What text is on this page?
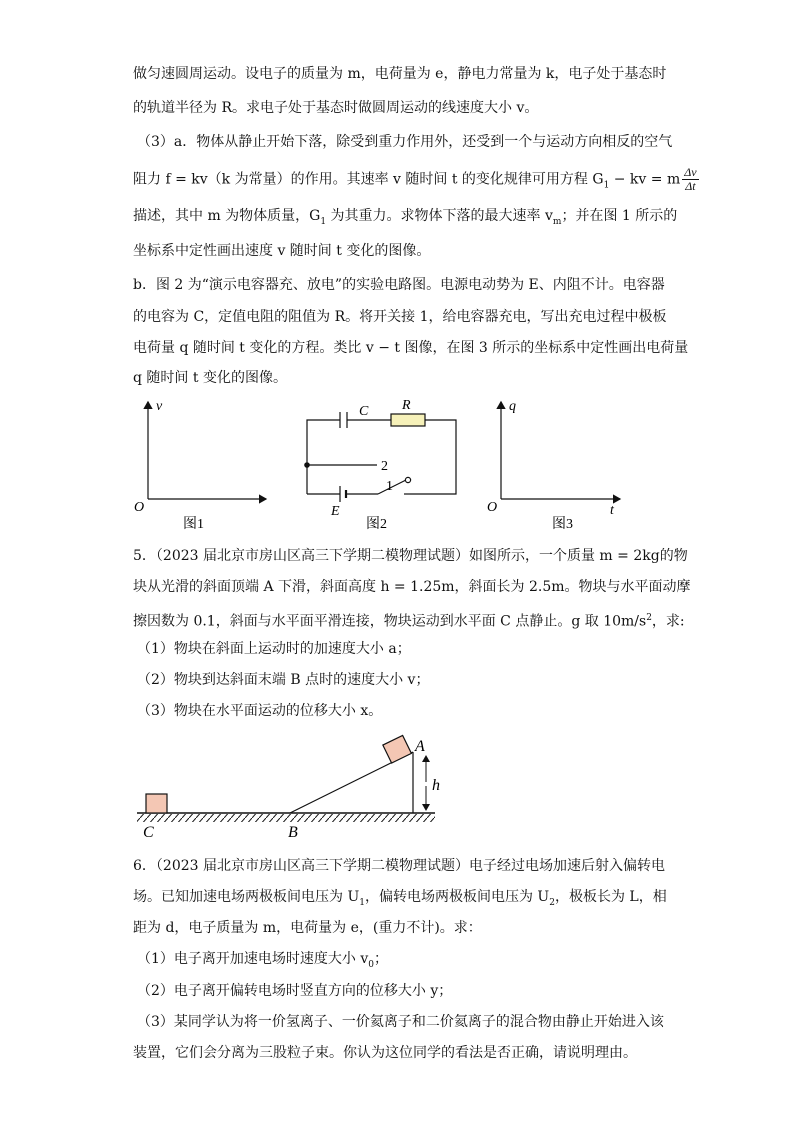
做匀速圆周运动。设电子的质量为 m，电荷量为 e，静电力常量为 k，电子处于基态时
的轨道半径为 R。求电子处于基态时做圆周运动的线速度大小 v。
（3）a．物体从静止开始下落，除受到重力作用外，还受到一个与运动方向相反的空气
阻力 f = kv（k 为常量）的作用。其速率 v 随时间 t 的变化规律可用方程 $G_1$ − kv = m $\frac{\Delta v}{\Delta t}$
描述，其中 m 为物体质量，$G_1$ 为其重力。求物体下落的最大速率 $v_m$；并在图 1 所示的
坐标系中定性画出速度 v 随时间 t 变化的图像。
b．图 2 为“演示电容器充、放电”的实验电路图。电源电动势为 E、内阻不计。电容器
的电容为 C，定值电阻的阻值为 R。将开关接 1，给电容器充电，写出充电过程中极板
电荷量 q 随时间 t 变化的方程。类比 v − t 图像，在图 3 所示的坐标系中定性画出电荷量
q 随时间 t 变化的图像。
v
O
图1
C R
2
1
E
图2
q
O	t
图3
5．（2023 届北京市房山区高三下学期二模物理试题）如图所示，一个质量 m = 2kg的物
块从光滑的斜面顶端 A 下滑，斜面高度 h = 1.25m，斜面长为 2.5m。物块与水平面动摩
擦因数为 0.1，斜面与水平面平滑连接，物块运动到水平面 C 点静止。g 取 $10m/s^2$，求:
（1）物块在斜面上运动时的加速度大小 a；
（2）物块到达斜面末端 B 点时的速度大小 v；
（3）物块在水平面运动的位移大小 x。
A
h
C	B
6．（2023 届北京市房山区高三下学期二模物理试题）电子经过电场加速后射入偏转电
场。已知加速电场两极板间电压为 $U_1$，偏转电场两极板间电压为 $U_2$，极板长为 L，相
距为 d，电子质量为 m，电荷量为 e，(重力不计)。求：
（1）电子离开加速电场时速度大小 $v_0$；
（2）电子离开偏转电场时竖直方向的位移大小 y；
（3）某同学认为将一价氢离子、一价氦离子和二价氦离子的混合物由静止开始进入该
装置，它们会分离为三股粒子束。你认为这位同学的看法是否正确，请说明理由。
